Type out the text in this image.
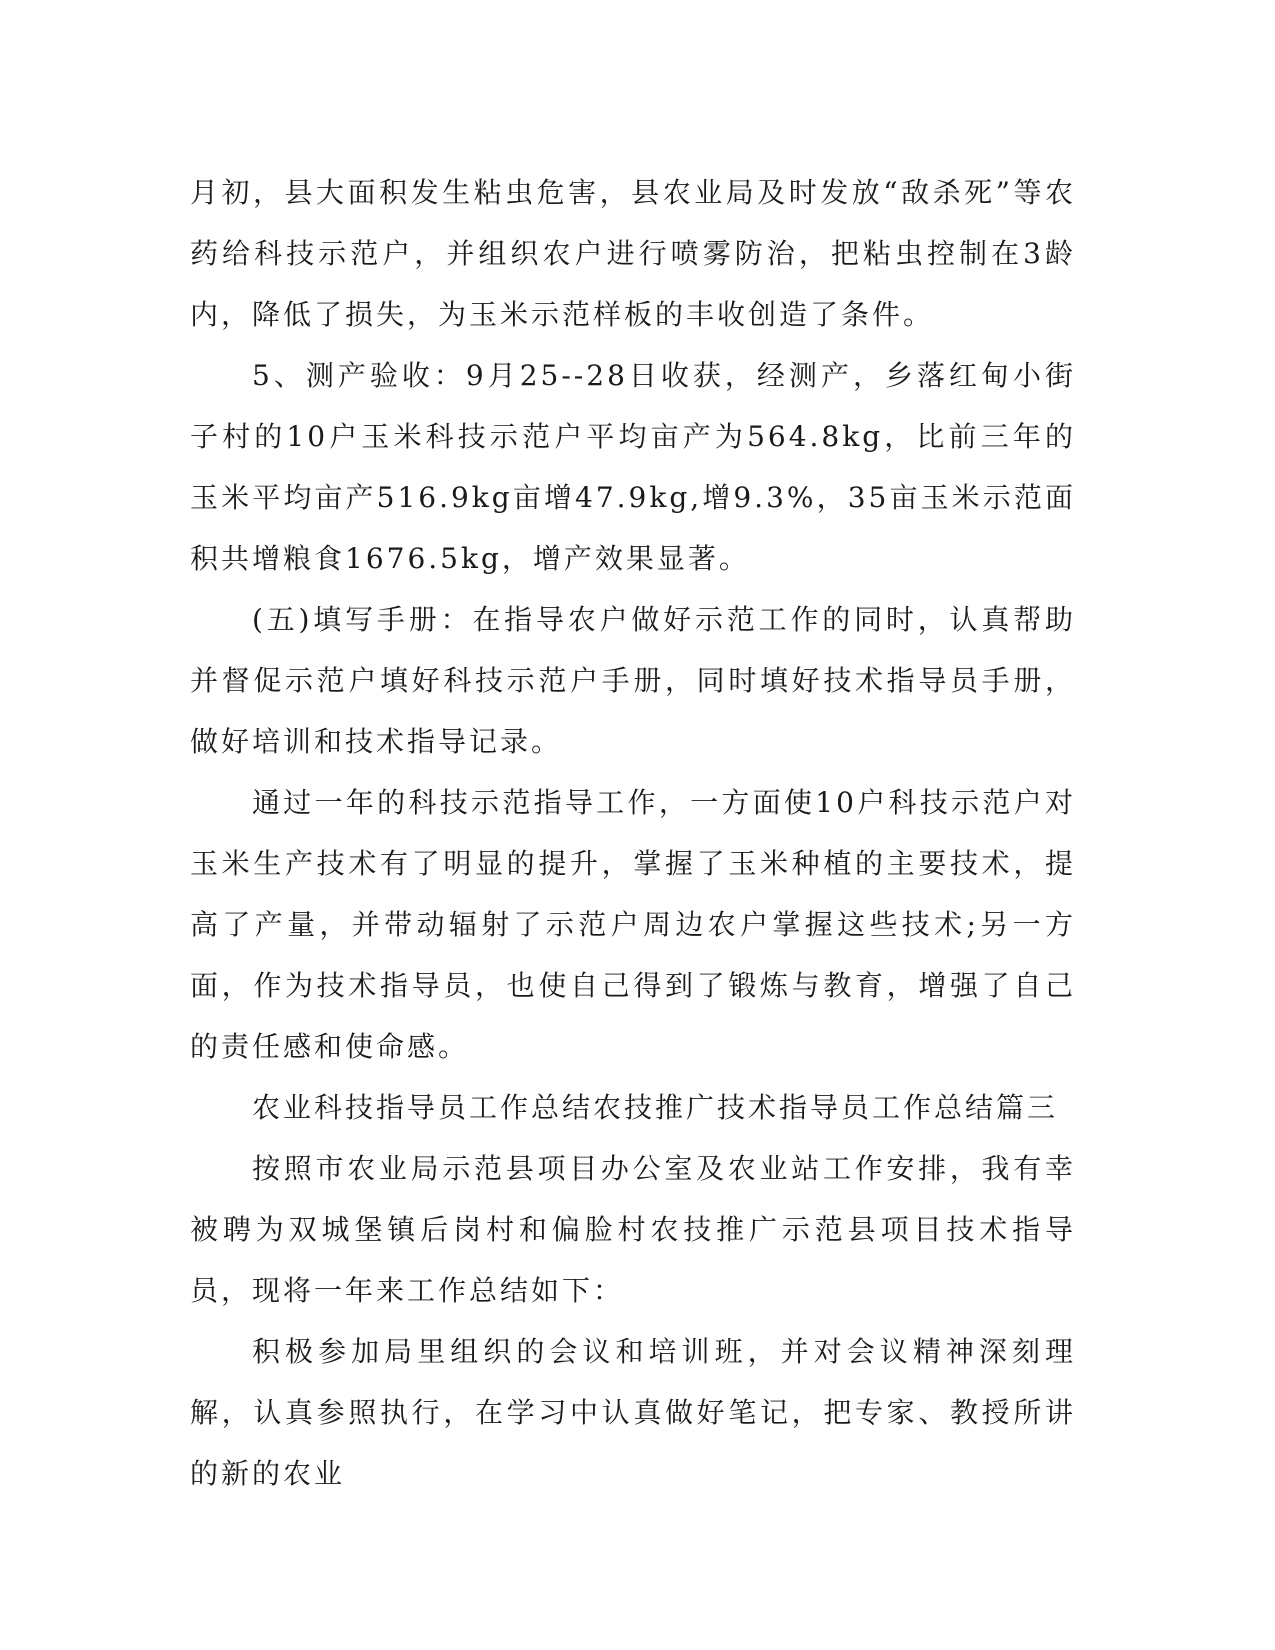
月初，县大面积发生粘虫危害，县农业局及时发放“敌杀死”等农药给科技示范户，并组织农户进行喷雾防治，把粘虫控制在3龄内，降低了损失，为玉米示范样板的丰收创造了条件。

5、测产验收：9月25--28日收获，经测产，乡落红甸小街子村的10户玉米科技示范户平均亩产为564.8kg，比前三年的玉米平均亩产516.9kg亩增47.9kg,增9.3%，35亩玉米示范面积共增粮食1676.5kg，增产效果显著。

(五)填写手册：在指导农户做好示范工作的同时，认真帮助并督促示范户填好科技示范户手册，同时填好技术指导员手册，做好培训和技术指导记录。

通过一年的科技示范指导工作，一方面使10户科技示范户对玉米生产技术有了明显的提升，掌握了玉米种植的主要技术，提高了产量，并带动辐射了示范户周边农户掌握这些技术;另一方面，作为技术指导员，也使自己得到了锻炼与教育，增强了自己的责任感和使命感。

农业科技指导员工作总结农技推广技术指导员工作总结篇三

按照市农业局示范县项目办公室及农业站工作安排，我有幸被聘为双城堡镇后岗村和偏脸村农技推广示范县项目技术指导员，现将一年来工作总结如下：

积极参加局里组织的会议和培训班，并对会议精神深刻理解，认真参照执行，在学习中认真做好笔记，把专家、教授所讲的新的农业
